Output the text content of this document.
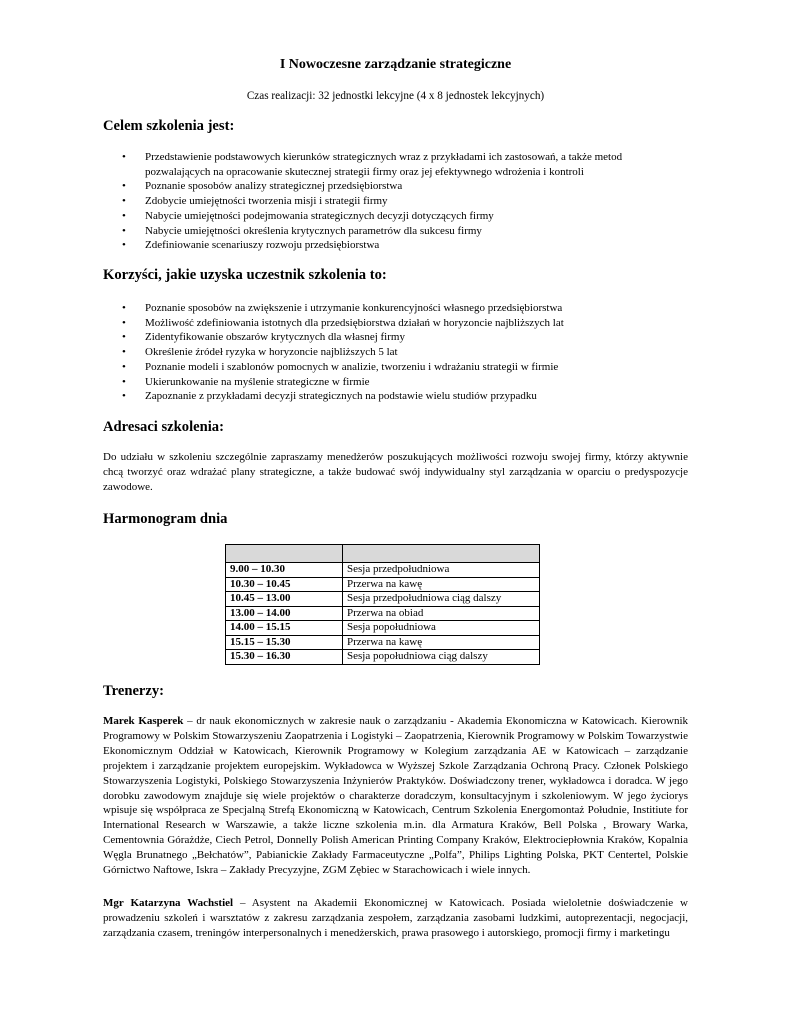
I Nowoczesne zarządzanie strategiczne
Czas realizacji: 32 jednostki lekcyjne (4 x 8 jednostek lekcyjnych)
Celem szkolenia jest:
• Przedstawienie podstawowych kierunków strategicznych wraz z przykładami ich zastosowań, a także metod pozwalających na opracowanie skutecznej strategii firmy oraz jej efektywnego wdrożenia i kontroli
• Poznanie sposobów analizy strategicznej przedsiębiorstwa
• Zdobycie umiejętności tworzenia misji i strategii firmy
• Nabycie umiejętności podejmowania strategicznych decyzji dotyczących firmy
• Nabycie umiejętności określenia krytycznych parametrów dla sukcesu firmy
• Zdefiniowanie scenariuszy rozwoju przedsiębiorstwa
Korzyści, jakie uzyska uczestnik szkolenia to:
• Poznanie sposobów na zwiększenie i utrzymanie konkurencyjności własnego przedsiębiorstwa
• Możliwość zdefiniowania istotnych dla przedsiębiorstwa działań w horyzoncie najbliższych lat
• Zidentyfikowanie obszarów krytycznych dla własnej firmy
• Określenie źródeł ryzyka w horyzoncie najbliższych 5 lat
• Poznanie modeli i szablonów pomocnych w analizie, tworzeniu i wdrażaniu strategii w firmie
• Ukierunkowanie na myślenie strategiczne w firmie
• Zapoznanie z przykładami decyzji strategicznych na podstawie wielu studiów przypadku
Adresaci szkolenia:

Do udziału w szkoleniu szczególnie zapraszamy menedżerów poszukujących możliwości rozwoju swojej firmy, którzy aktywnie chcą tworzyć oraz wdrażać plany strategiczne, a także budować swój indywidualny styl zarządzania w oparciu o predyspozycje zawodowe.

Harmonogram dnia

9.00 – 10.30	Sesja przedpołudniowa
10.30 – 10.45	Przerwa na kawę
10.45 – 13.00	Sesja przedpołudniowa ciąg dalszy
13.00 – 14.00	Przerwa na obiad
14.00 – 15.15	Sesja popołudniowa
15.15 – 15.30	Przerwa na kawę
15.30 – 16.30	Sesja popołudniowa ciąg dalszy
Trenerzy:

Marek Kasperek – dr nauk ekonomicznych w zakresie nauk o zarządzaniu - Akademia Ekonomiczna w Katowicach. Kierownik Programowy w Polskim Stowarzyszeniu Zaopatrzenia i Logistyki – Zaopatrzenia, Kierownik Programowy w Polskim Towarzystwie Ekonomicznym Oddział w Katowicach, Kierownik Programowy w Kolegium zarządzania AE w Katowicach – zarządzanie projektem i zarządzanie projektem europejskim. Wykładowca w Wyższej Szkole Zarządzania Ochroną Pracy. Członek Polskiego Stowarzyszenia Logistyki, Polskiego Stowarzyszenia Inżynierów Praktyków. Doświadczony trener, wykładowca i doradca. W jego dorobku zawodowym znajduje się wiele projektów o charakterze doradczym, konsultacyjnym i szkoleniowym. W jego życiorys wpisuje się współpraca ze Specjalną Strefą Ekonomiczną w Katowicach, Centrum Szkolenia Energomontaż Południe, Institiute for International Research w Warszawie, a także liczne szkolenia m.in. dla Armatura Kraków, Bell Polska , Browary Warka, Cementownia Górażdże, Ciech Petrol, Donnelly Polish American Printing Company Kraków, Elektrociepłownia Kraków, Kopalnia Węgla Brunatnego „Bełchatów”, Pabianickie Zakłady Farmaceutyczne „Polfa”, Philips Lighting Polska, PKT Centertel, Polskie Górnictwo Naftowe, Iskra – Zakłady Precyzyjne, ZGM Zębiec w Starachowicach i wiele innych.

Mgr Katarzyna Wachstiel – Asystent na Akademii Ekonomicznej w Katowicach. Posiada wieloletnie doświadczenie w prowadzeniu szkoleń i warsztatów z zakresu zarządzania zespołem, zarządzania zasobami ludzkimi, autoprezentacji, negocjacji, zarządzania czasem, treningów interpersonalnych i menedżerskich, prawa prasowego i autorskiego, promocji firmy i marketingu
